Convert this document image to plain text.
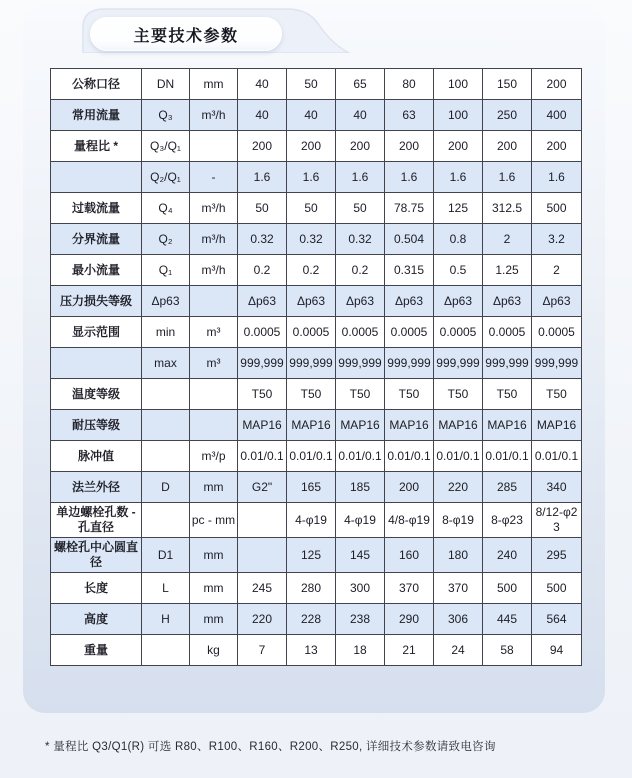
主要技术参数
公称口径	DN	mm	40	50	65	80	100	150	200
常用流量	Q₃	m³/h	40	40	40	63	100	250	400
量程比 *	Q₃/Q₁		200	200	200	200	200	200	200
	Q₂/Q₁	-	1.6	1.6	1.6	1.6	1.6	1.6	1.6
过载流量	Q₄	m³/h	50	50	50	78.75	125	312.5	500
分界流量	Q₂	m³/h	0.32	0.32	0.32	0.504	0.8	2	3.2
最小流量	Q₁	m³/h	0.2	0.2	0.2	0.315	0.5	1.25	2
压力损失等级	Δp63		Δp63	Δp63	Δp63	Δp63	Δp63	Δp63	Δp63
显示范围	min	m³	0.0005	0.0005	0.0005	0.0005	0.0005	0.0005	0.0005
	max	m³	999,999	999,999	999,999	999,999	999,999	999,999	999,999
温度等级			T50	T50	T50	T50	T50	T50	T50
耐压等级			MAP16	MAP16	MAP16	MAP16	MAP16	MAP16	MAP16
脉冲值		m³/p	0.01/0.1	0.01/0.1	0.01/0.1	0.01/0.1	0.01/0.1	0.01/0.1	0.01/0.1
法兰外径	D	mm	G2"	165	185	200	220	285	340
单边螺栓孔数 - 孔直径		pc - mm		4-φ19	4-φ19	4/8-φ19	8-φ19	8-φ23	8/12-φ23
螺栓孔中心圆直径	D1	mm		125	145	160	180	240	295
长度	L	mm	245	280	300	370	370	500	500
高度	H	mm	220	228	238	290	306	445	564
重量		kg	7	13	18	21	24	58	94
* 量程比 Q3/Q1(R) 可选 R80、R100、R160、R200、R250, 详细技术参数请致电咨询
